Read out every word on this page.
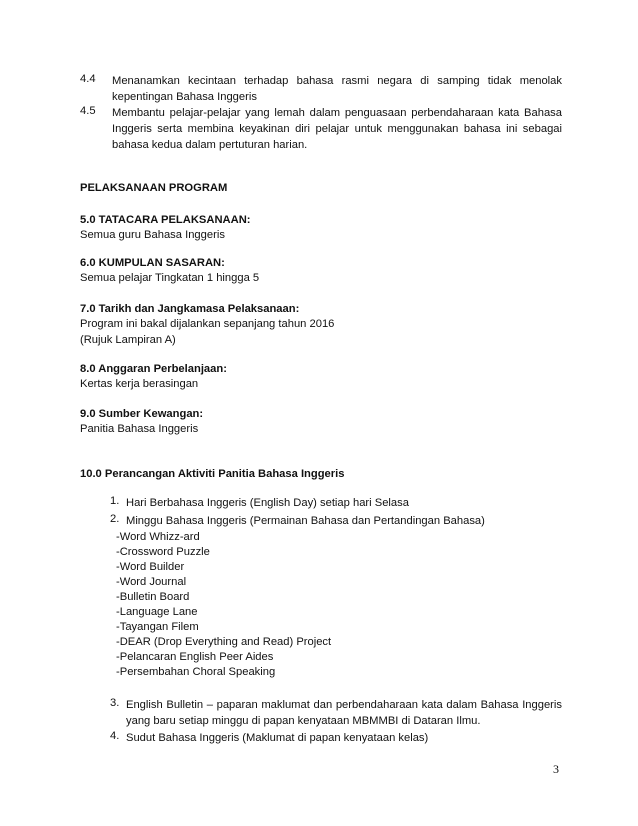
4.4 Menanamkan kecintaan terhadap bahasa rasmi negara di samping tidak menolak kepentingan Bahasa Inggeris
4.5 Membantu pelajar-pelajar yang lemah dalam penguasaan perbendaharaan kata Bahasa Inggeris serta membina keyakinan diri pelajar untuk menggunakan bahasa ini sebagai bahasa kedua dalam pertuturan harian.
PELAKSANAAN PROGRAM
5.0 TATACARA PELAKSANAAN:
Semua guru Bahasa Inggeris
6.0 KUMPULAN SASARAN:
Semua pelajar Tingkatan 1 hingga 5
7.0 Tarikh dan Jangkamasa Pelaksanaan:
Program ini bakal dijalankan sepanjang tahun 2016
(Rujuk Lampiran A)
8.0 Anggaran Perbelanjaan:
Kertas kerja berasingan
9.0 Sumber Kewangan:
Panitia Bahasa Inggeris
10.0 Perancangan Aktiviti Panitia Bahasa Inggeris
1. Hari Berbahasa Inggeris (English Day) setiap hari Selasa
2. Minggu Bahasa Inggeris (Permainan Bahasa dan Pertandingan Bahasa)
-Word Whizz-ard
-Crossword Puzzle
-Word Builder
-Word Journal
-Bulletin Board
-Language Lane
-Tayangan Filem
-DEAR (Drop Everything and Read) Project
-Pelancaran English Peer Aides
-Persembahan Choral Speaking
3. English Bulletin – paparan maklumat dan perbendaharaan kata dalam Bahasa Inggeris yang baru setiap minggu di papan kenyataan MBMMBI di Dataran Ilmu.
4. Sudut Bahasa Inggeris (Maklumat di papan kenyataan kelas)
3
